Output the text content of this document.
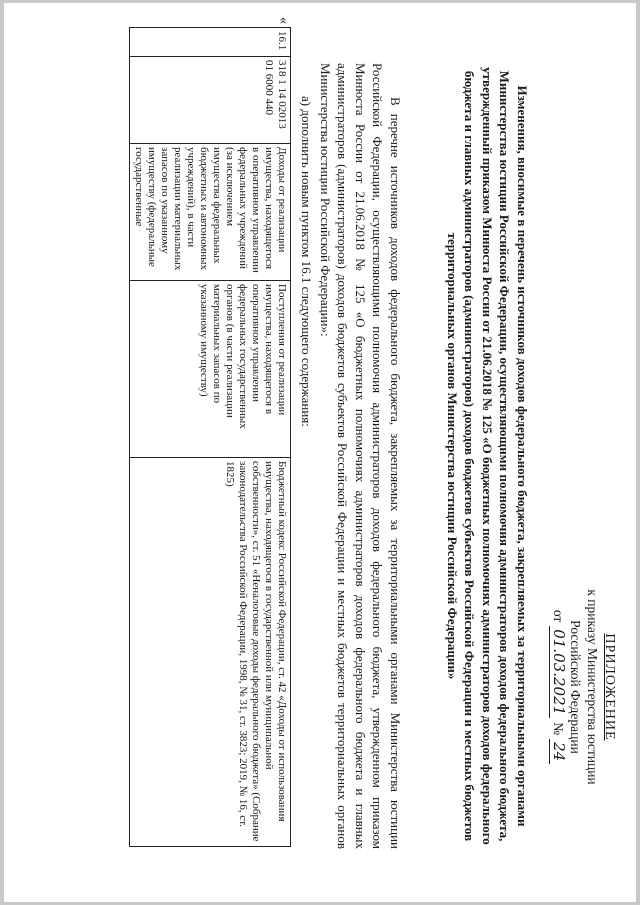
ПРИЛОЖЕНИЕ
к приказу Министерства юстиции
Российской Федерации
от
01.03.2021
№
24
Изменения, вносимые в перечень источников доходов федерального бюджета, закрепляемых за территориальными органами Министерства юстиции Российской Федерации, осуществляющими полномочия администраторов доходов федерального бюджета, утвержденный приказом Минюста России от 21.06.2018 № 125 «О бюджетных полномочиях администраторов доходов федерального бюджета и главных администраторов (администраторов) доходов бюджетов субъектов Российской Федерации и местных бюджетов территориальных органов Министерства юстиции Российской Федерации»
В перечне источников доходов федерального бюджета, закрепляемых за территориальными органами Министерства юстиции Российской Федерации, осуществляющими полномочия администраторов доходов федерального бюджета, утвержденном приказом Минюста России от 21.06.2018 № 125 «О бюджетных полномочиях администраторов доходов федерального бюджета и главных администраторов (администраторов) доходов бюджетов субъектов Российской Федерации и местных бюджетов территориальных органов Министерства юстиции Российской Федерации»:
а) дополнить новым пунктом 16.1 следующего содержания:
«
16.1	318 1 14 02013 01 6000 440	Доходы от реализации имущества, находящегося в оперативном управлении федеральных учреждений (за исключением имущества федеральных бюджетных и автономных учреждений), в части реализации материальных запасов по указанному имуществу (федеральные государственные	Поступления от реализации имущества, находящегося в оперативном управлении федеральных государственных органов (в части реализации материальных запасов по указанному имуществу)	Бюджетный кодекс Российской Федерации, ст. 42 «Доходы от использования имущества, находящегося в государственной или муниципальной собственности», ст. 51 «Неналоговые доходы федерального бюджета» (Собрание законодательства Российской Федерации, 1998, № 31, ст. 3823; 2019, № 16, ст. 1825)
